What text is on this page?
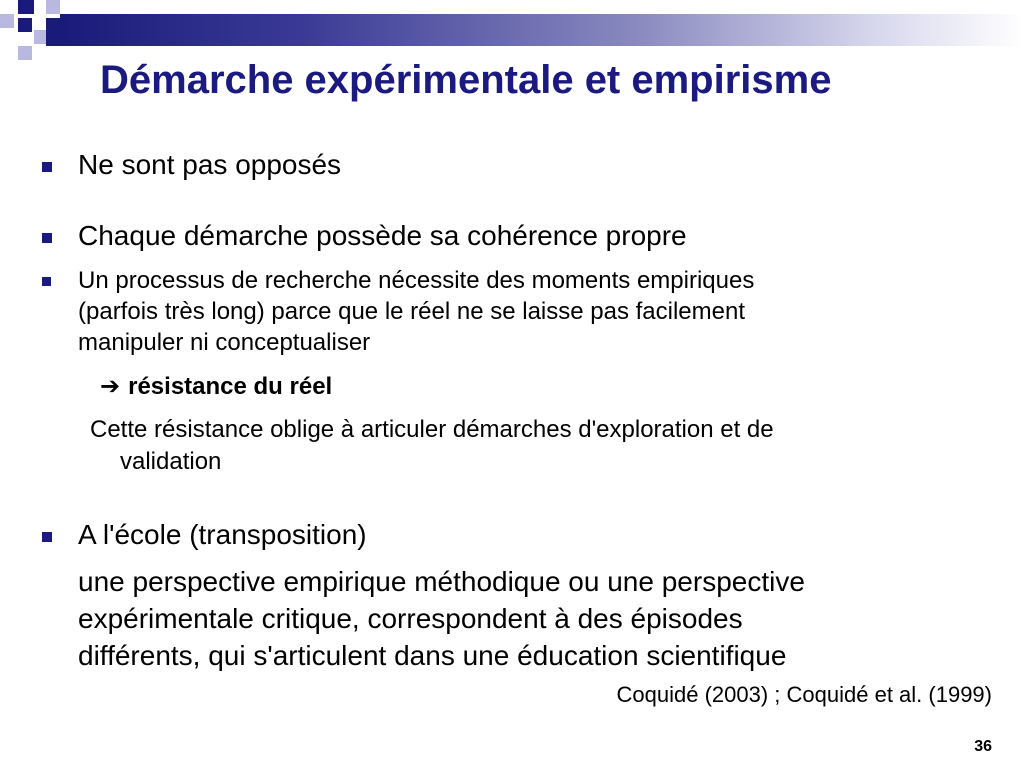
Démarche expérimentale et empirisme
Ne sont pas opposés
Chaque démarche possède sa cohérence propre
Un processus de recherche nécessite des moments empiriques
(parfois très long) parce que le réel ne se laisse pas facilement
manipuler ni conceptualiser
➔ résistance du réel
Cette résistance oblige à articuler démarches d'exploration et de
validation
A l'école (transposition)
une perspective empirique méthodique ou une perspective
expérimentale critique, correspondent à des épisodes
différents, qui s'articulent dans une éducation scientifique
Coquidé (2003) ; Coquidé et al. (1999)
36
